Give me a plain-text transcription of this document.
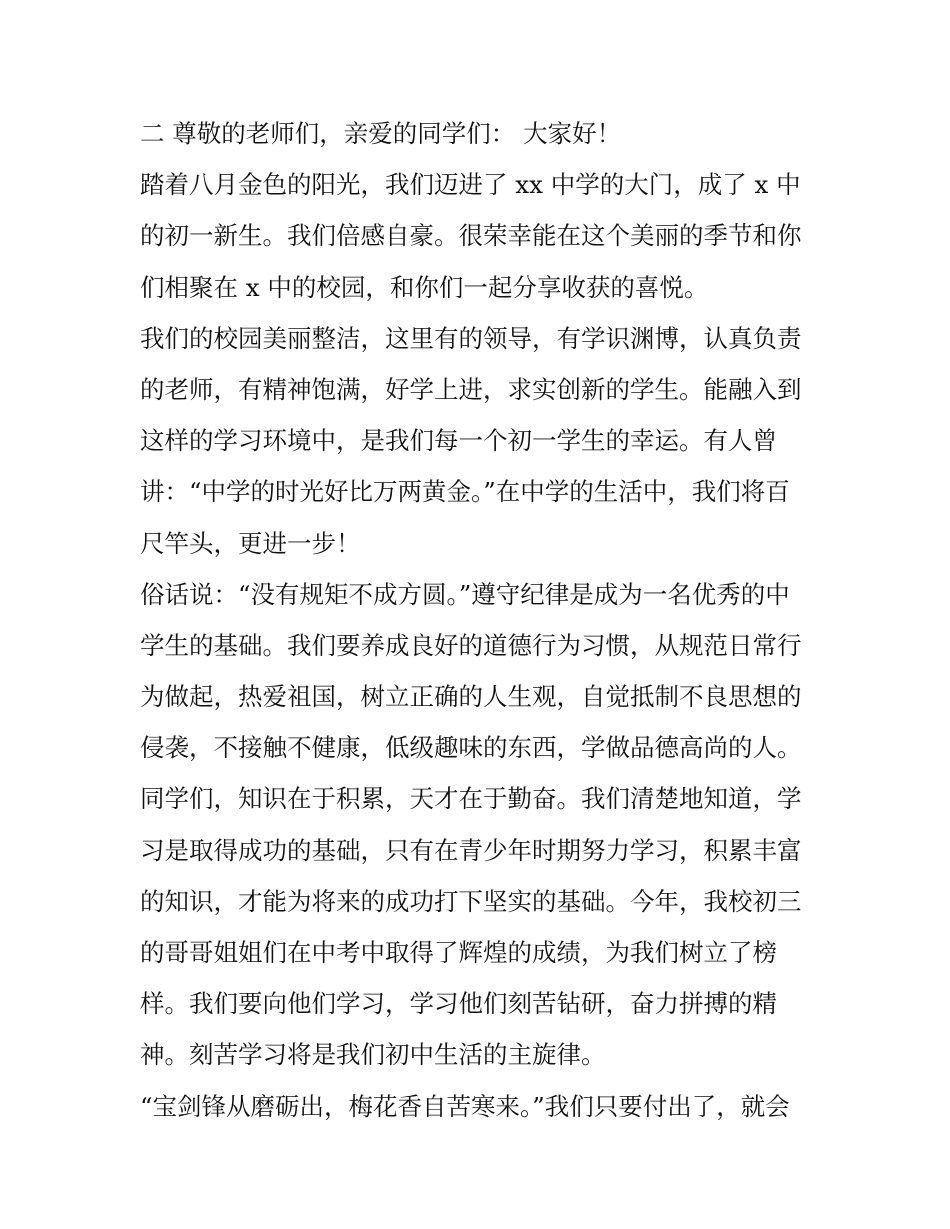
二 尊敬的老师们，亲爱的同学们： 大家好！
踏着八月金色的阳光，我们迈进了 xx 中学的大门，成了 x 中
的初一新生。我们倍感自豪。很荣幸能在这个美丽的季节和你
们相聚在 x 中的校园，和你们一起分享收获的喜悦。
我们的校园美丽整洁，这里有的领导，有学识渊博，认真负责
的老师，有精神饱满，好学上进，求实创新的学生。能融入到
这样的学习环境中，是我们每一个初一学生的幸运。有人曾
讲：“中学的时光好比万两黄金。”在中学的生活中，我们将百
尺竿头，更进一步！
俗话说：“没有规矩不成方圆。”遵守纪律是成为一名优秀的中
学生的基础。我们要养成良好的道德行为习惯，从规范日常行
为做起，热爱祖国，树立正确的人生观，自觉抵制不良思想的
侵袭，不接触不健康，低级趣味的东西，学做品德高尚的人。
同学们，知识在于积累，天才在于勤奋。我们清楚地知道，学
习是取得成功的基础，只有在青少年时期努力学习，积累丰富
的知识，才能为将来的成功打下坚实的基础。今年，我校初三
的哥哥姐姐们在中考中取得了辉煌的成绩，为我们树立了榜
样。我们要向他们学习，学习他们刻苦钻研，奋力拼搏的精
神。刻苦学习将是我们初中生活的主旋律。
“宝剑锋从磨砺出，梅花香自苦寒来。”我们只要付出了，就会
